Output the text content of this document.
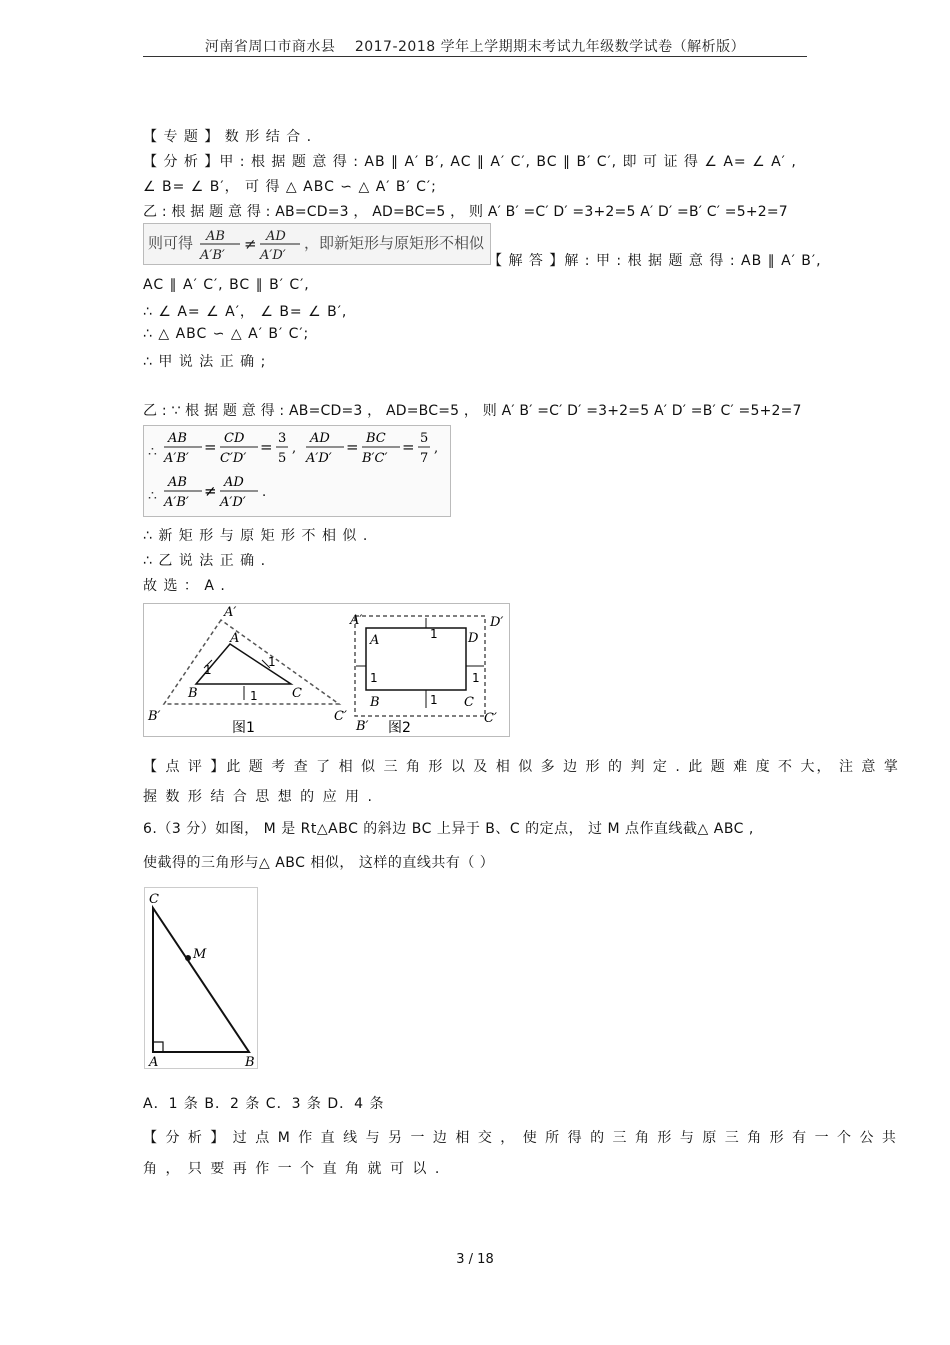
河南省周口市商水县　 2017-2018 学年上学期期末考试九年级数学试卷（解析版）
【 专 题 】 数 形 结 合 .
【 分 析 】甲 : 根 据 题 意 得 : AB ∥ A′ B′, AC ∥ A′ C′, BC ∥ B′ C′, 即 可 证 得 ∠ A= ∠ A′ ,
∠ B= ∠ B′， 可 得 △ ABC ∽ △ A′ B′ C′;
乙 : 根 据 题 意 得 : AB=CD=3 ， AD=BC=5 ， 则 A′ B′ =C′ D′ =3+2=5 A′ D′ =B′ C′ =5+2=7
则可得 AB
A′B′
≠ AD
A′D′
，即新矩形与原矩形不相似
【 解 答 】解 : 甲 : 根 据 题 意 得 : AB ∥ A′ B′,
AC ∥ A′ C′, BC ∥ B′ C′,
∴ ∠ A= ∠ A′， ∠ B= ∠ B′,
∴ △ ABC ∽ △ A′ B′ C′;
∴ 甲 说 法 正 确 ;
乙 : ∵ 根 据 题 意 得 : AB=CD=3 ， AD=BC=5 ， 则 A′ B′ =C′ D′ =3+2=5 A′ D′ =B′ C′ =5+2=7
∴
AB
A′B′
= CD
C′D′
= 3
5
,
AD
A′D′
= BC
B′C′
= 5
7
,
∴
AB
A′B′
≠ AD
A′D′
.
∴ 新 矩 形 与 原 矩 形 不 相 似 .
∴ 乙 说 法 正 确 .
故 选 ： A .
A′
A
B	C
B′	C′
1
1
1
图1
A′
A	D
D′
B	C
B′
C′
1
1
1	1
图2
【 点 评 】此 题 考 查 了 相 似 三 角 形 以 及 相 似 多 边 形 的 判 定 . 此 题 难 度 不 大， 注 意 掌
握 数 形 结 合 思 想 的 应 用 .
6.（3 分）如图， M 是 Rt△ABC 的斜边 BC 上异于 B、C 的定点， 过 M 点作直线截△ ABC ,
使截得的三角形与△ ABC 相似， 这样的直线共有（ ）
C
M
A	B
A．1 条 B．2 条 C．3 条 D．4 条
【 分 析 】 过 点 M 作 直 线 与 另 一 边 相 交 ， 使 所 得 的 三 角 形 与 原 三 角 形 有 一 个 公 共
角 ， 只 要 再 作 一 个 直 角 就 可 以 .
3 / 18
